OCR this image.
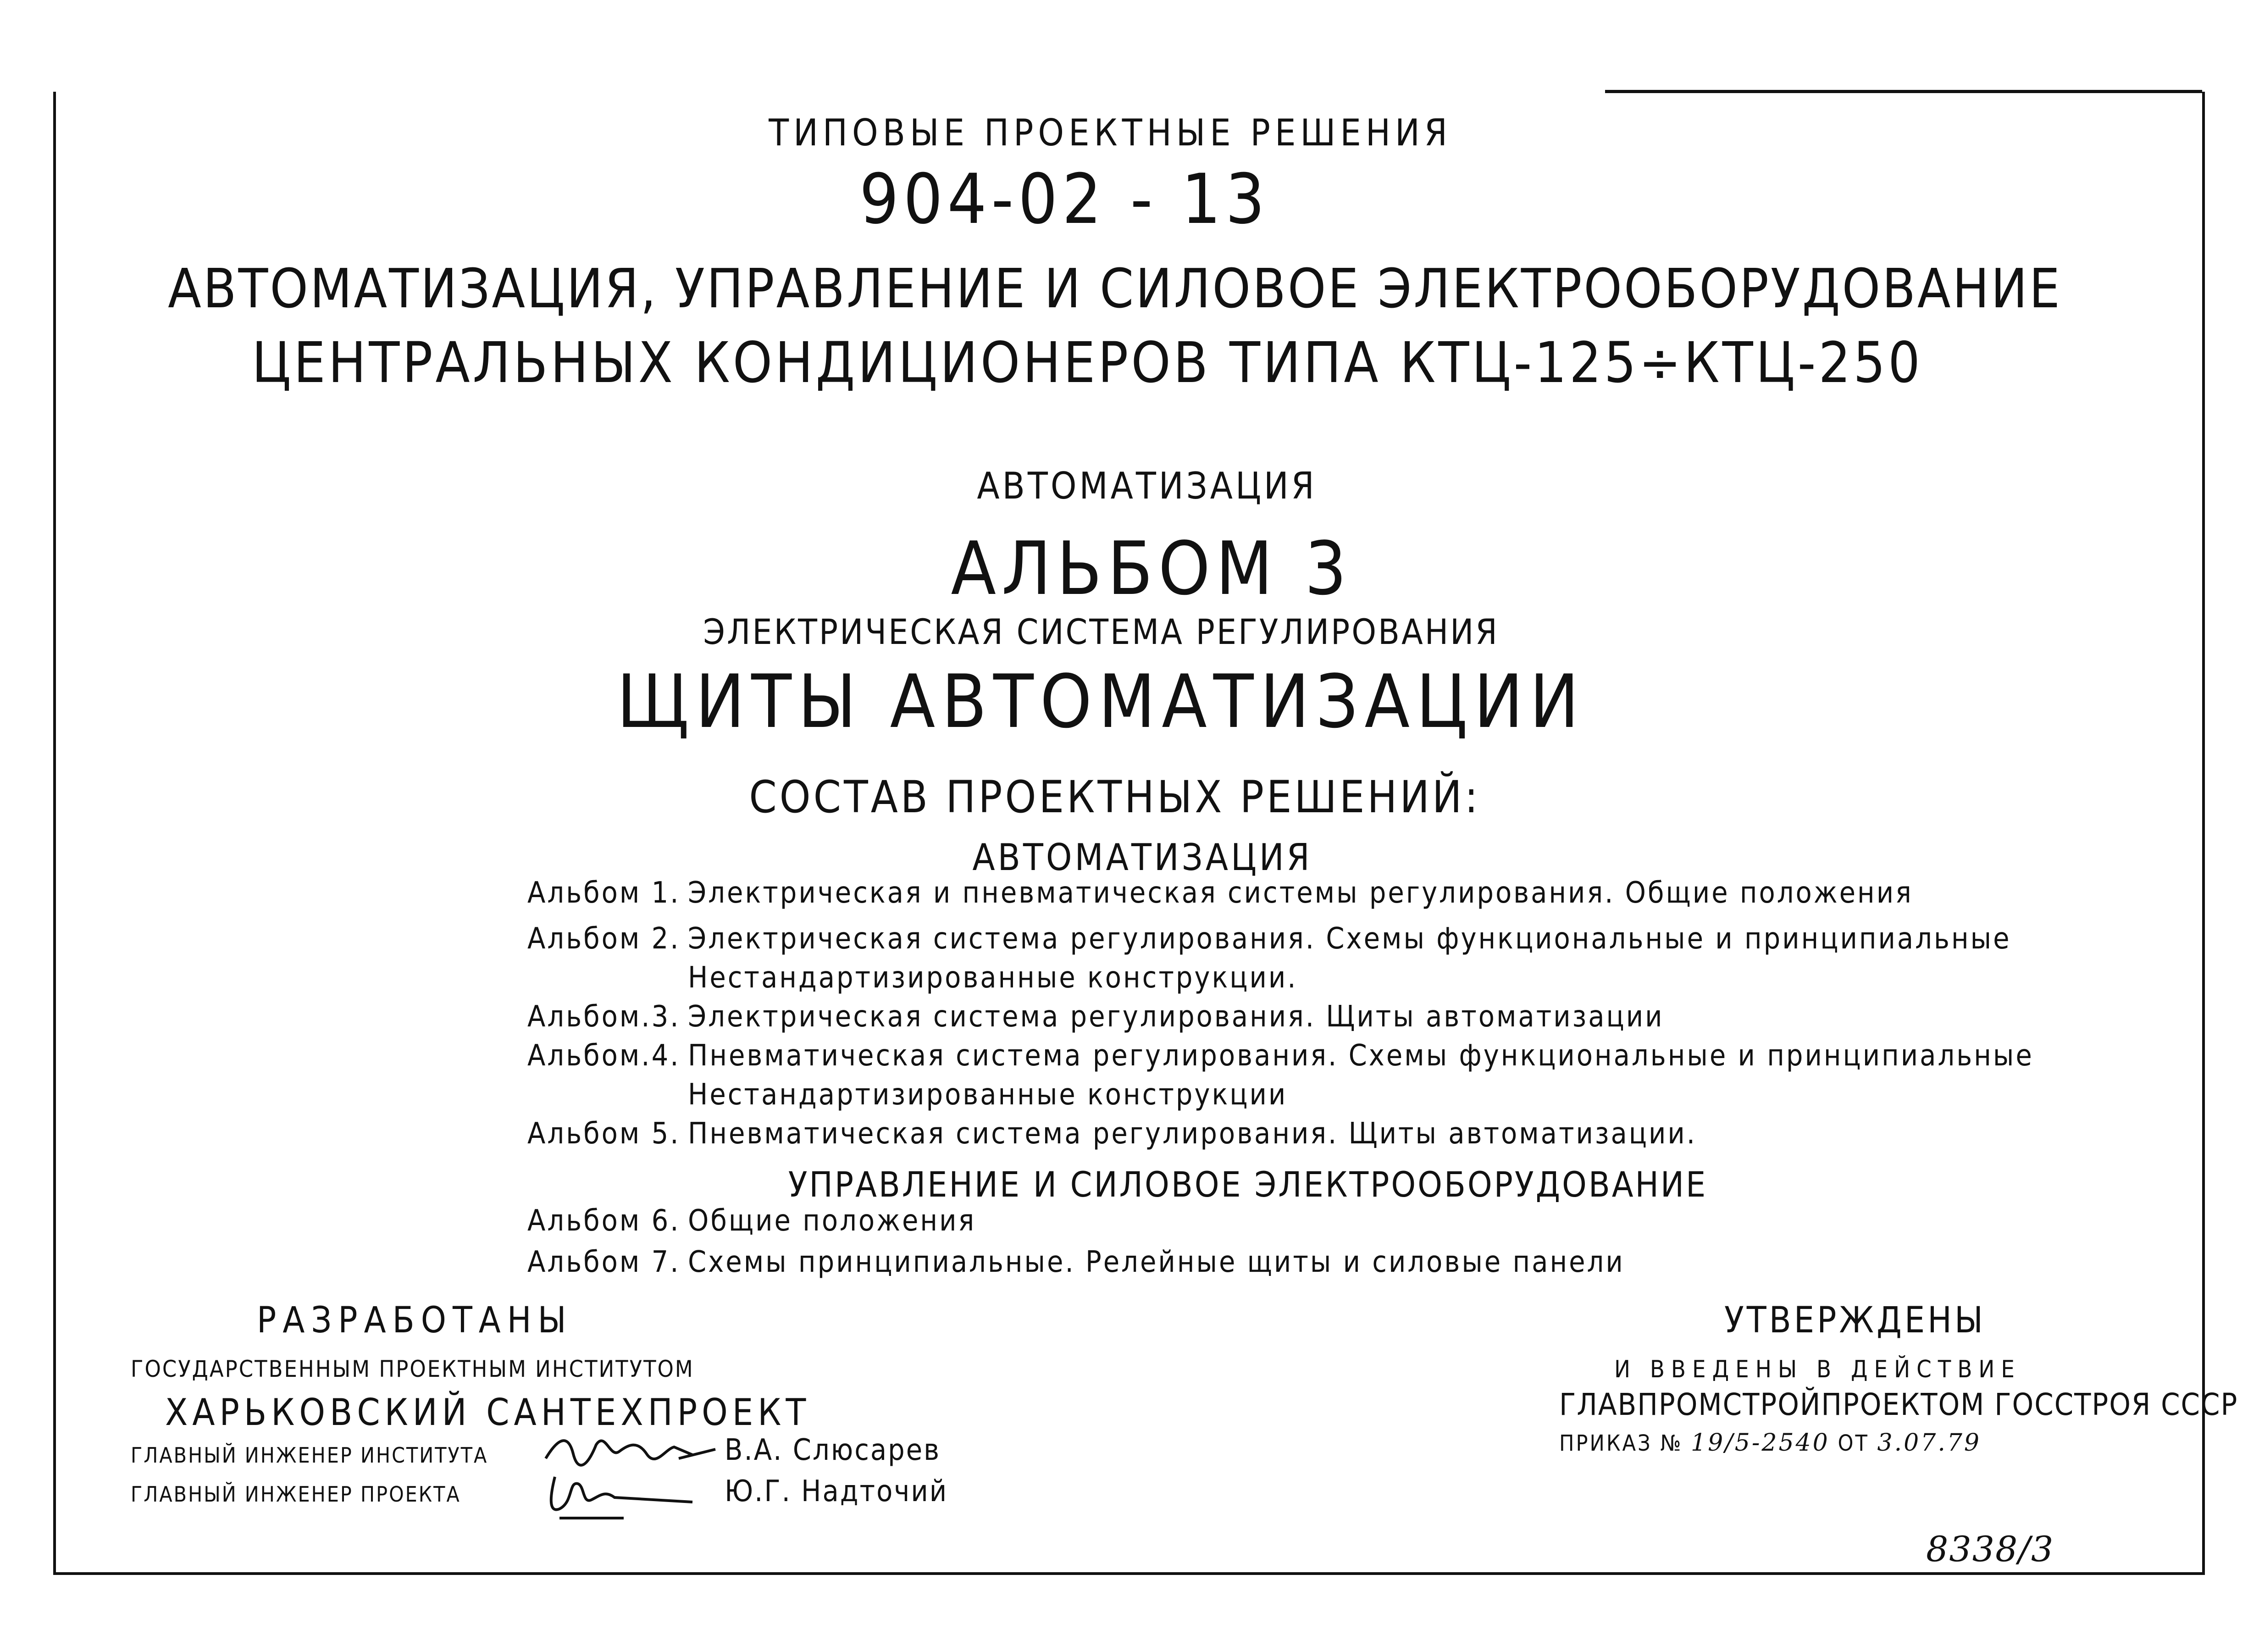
ТИПОВЫЕ ПРОЕКТНЫЕ РЕШЕНИЯ
904-02 - 13
АВТОМАТИЗАЦИЯ, УПРАВЛЕНИЕ И СИЛОВОЕ ЭЛЕКТРООБОРУДОВАНИЕ
ЦЕНТРАЛЬНЫХ КОНДИЦИОНЕРОВ ТИПА КТЦ-125÷КТЦ-250
АВТОМАТИЗАЦИЯ
АЛЬБОМ 3
ЭЛЕКТРИЧЕСКАЯ СИСТЕМА РЕГУЛИРОВАНИЯ
ЩИТЫ АВТОМАТИЗАЦИИ
СОСТАВ ПРОЕКТНЫХ РЕШЕНИЙ:
АВТОМАТИЗАЦИЯ
Альбом 1. Электрическая и пневматическая системы регулирования. Общие положения
Альбом 2. Электрическая система регулирования. Схемы функциональные и принципиальные
Нестандартизированные конструкции.
Альбом.3. Электрическая система регулирования. Щиты автоматизации
Альбом.4. Пневматическая система регулирования. Схемы функциональные и принципиальные
Нестандартизированные конструкции
Альбом 5. Пневматическая система регулирования. Щиты автоматизации.
УПРАВЛЕНИЕ И СИЛОВОЕ ЭЛЕКТРООБОРУДОВАНИЕ
Альбом 6. Общие положения
Альбом 7. Схемы принципиальные. Релейные щиты и силовые панели
РАЗРАБОТАНЫ
ГОСУДАРСТВЕННЫМ ПРОЕКТНЫМ ИНСТИТУТОМ
ХАРЬКОВСКИЙ САНТЕХПРОЕКТ
ГЛАВНЫЙ ИНЖЕНЕР ИНСТИТУТА	В.А. Слюсарев
ГЛАВНЫЙ ИНЖЕНЕР ПРОЕКТА	Ю.Г. Надточий
УТВЕРЖДЕНЫ
И ВВЕДЕНЫ В ДЕЙСТВИЕ
ГЛАВПРОМСТРОЙПРОЕКТОМ ГОССТРОЯ СССР
ПРИКАЗ № 19/5-2540 ОТ 3.07.79
8338/3
